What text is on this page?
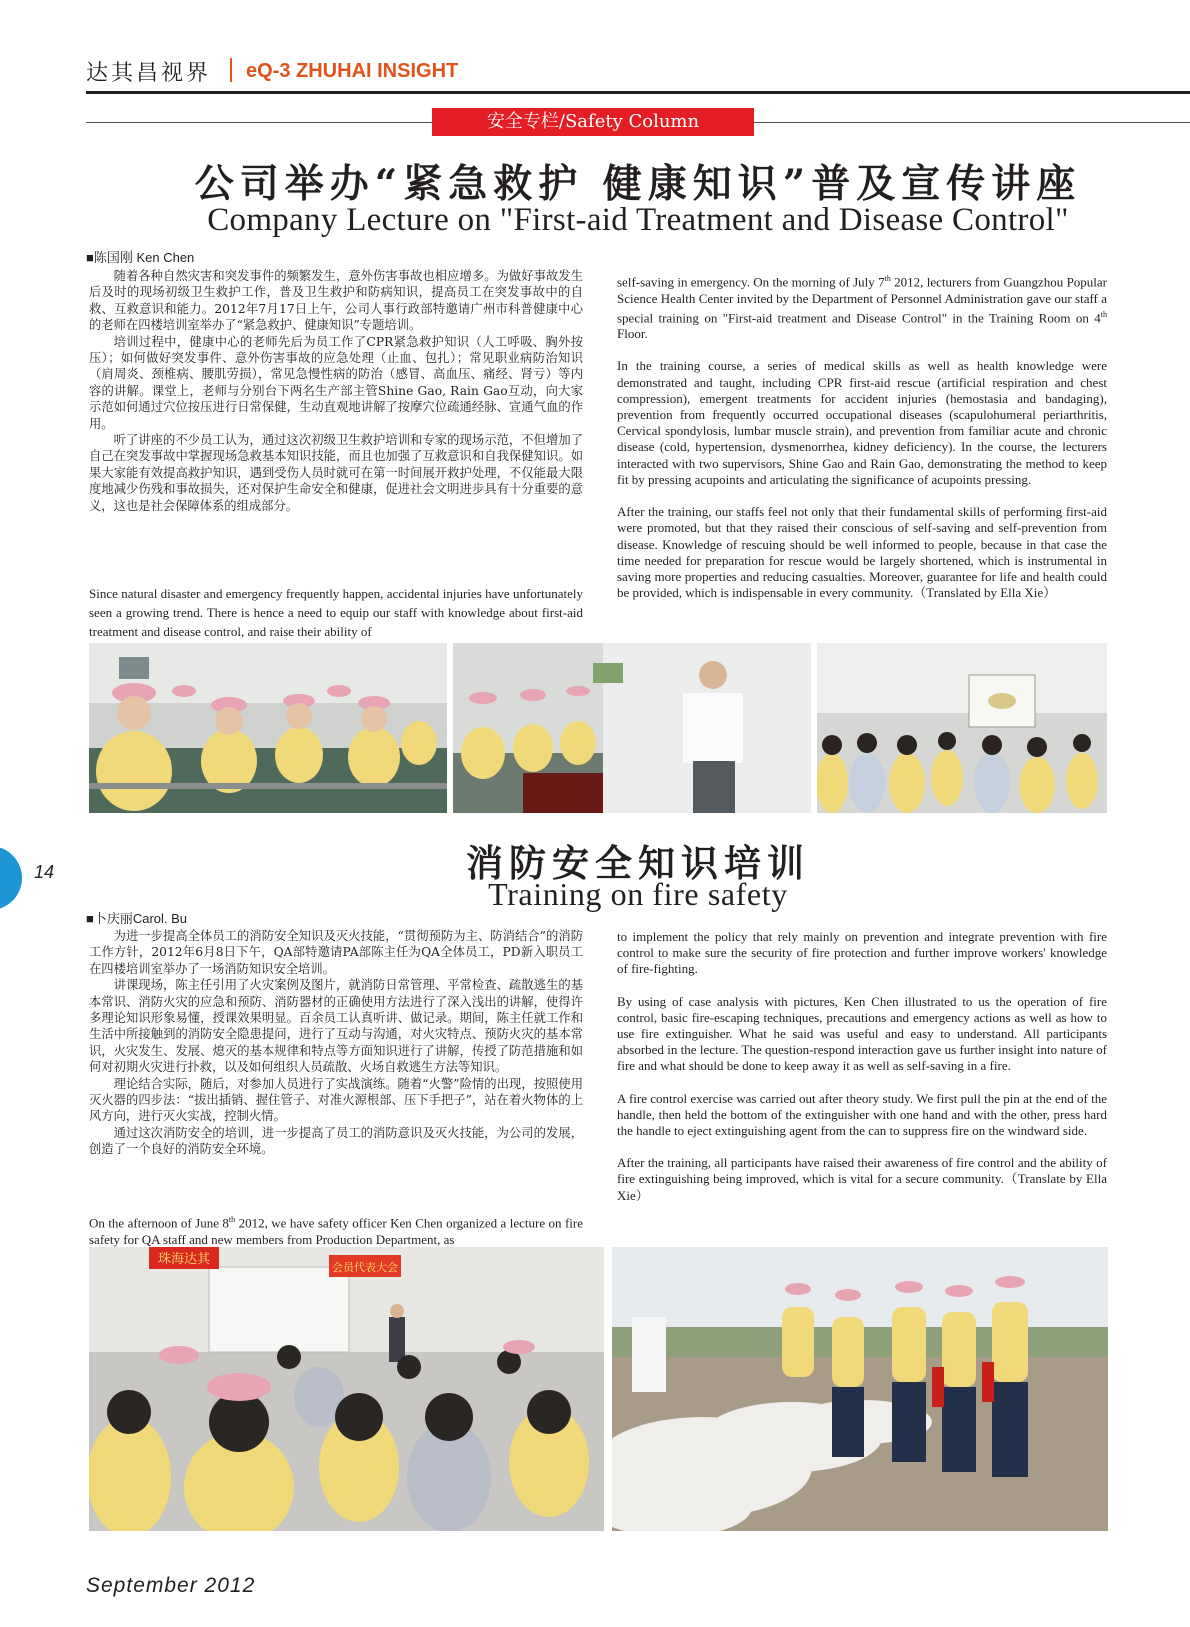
达其昌视界 eQ-3 ZHUHAI INSIGHT
安全专栏/Safety Column
公司举办“紧急救护 健康知识”普及宣传讲座
Company Lecture on "First-aid Treatment and Disease Control"
■陈国刚 Ken Chen

随着各种自然灾害和突发事件的频繁发生，意外伤害事故也相应增多。为做好事故发生后及时的现场初级卫生救护工作，普及卫生救护和防病知识，提高员工在突发事故中的自救、互救意识和能力。2012年7月17日上午，公司人事行政部特邀请广州市科普健康中心的老师在四楼培训室举办了“紧急救护、健康知识”专题培训。

培训过程中，健康中心的老师先后为员工作了CPR紧急救护知识（人工呼吸、胸外按压）；如何做好突发事件、意外伤害事故的应急处理（止血、包扎）；常见职业病防治知识（肩周炎、颈椎病、腰肌劳损），常见急慢性病的防治（感冒、高血压、痛经、肾亏）等内容的讲解。课堂上，老师与分别台下两名生产部主管Shine Gao, Rain Gao互动，向大家示范如何通过穴位按压进行日常保健，生动直观地讲解了按摩穴位疏通经脉、宣通气血的作用。

听了讲座的不少员工认为，通过这次初级卫生救护培训和专家的现场示范，不但增加了自己在突发事故中掌握现场急救基本知识技能，而且也加强了互救意识和自我保健知识。如果大家能有效提高救护知识，遇到受伤人员时就可在第一时间展开救护处理，不仅能最大限度地减少伤残和事故损失，还对保护生命安全和健康，促进社会文明进步具有十分重要的意义，这也是社会保障体系的组成部分。

Since natural disaster and emergency frequently happen, accidental injuries have unfortunately seen a growing trend. There is hence a need to equip our staff with knowledge about first-aid treatment and disease control, and raise their ability of

self-saving in emergency. On the morning of July 7th 2012, lecturers from Guangzhou Popular Science Health Center invited by the Department of Personnel Administration gave our staff a special training on "First-aid treatment and Disease Control" in the Training Room on 4th Floor.

In the training course, a series of medical skills as well as health knowledge were demonstrated and taught, including CPR first-aid rescue (artificial respiration and chest compression), emergent treatments for accident injuries (hemostasia and bandaging), prevention from frequently occurred occupational diseases (scapulohumeral periarthritis, Cervical spondylosis, lumbar muscle strain), and prevention from familiar acute and chronic disease (cold, hypertension, dysmenorrhea, kidney deficiency). In the course, the lecturers interacted with two supervisors, Shine Gao and Rain Gao, demonstrating the method to keep fit by pressing acupoints and articulating the significance of acupoints pressing.

After the training, our staffs feel not only that their fundamental skills of performing first-aid were promoted, but that they raised their conscious of self-saving and self-prevention from disease. Knowledge of rescuing should be well informed to people, because in that case the time needed for preparation for rescue would be largely shortened, which is instrumental in saving more properties and reducing casualties. Moreover, guarantee for life and health could be provided, which is indispensable in every community.（Translated by Ella Xie）

14	消防安全知识培训
Training on fire safety
■卜庆丽Carol. Bu

为进一步提高全体员工的消防安全知识及灭火技能，“贯彻预防为主、防消结合”的消防工作方针，2012年6月8日下午，QA部特邀请PA部陈主任为QA全体员工，PD新入职员工在四楼培训室举办了一场消防知识安全培训。

讲课现场，陈主任引用了火灾案例及图片，就消防日常管理、平常检查、疏散逃生的基本常识、消防火灾的应急和预防、消防器材的正确使用方法进行了深入浅出的讲解，使得许多理论知识形象易懂，授课效果明显。百余员工认真听讲、做记录。期间，陈主任就工作和生活中所接触到的消防安全隐患提问，进行了互动与沟通，对火灾特点、预防火灾的基本常识，火灾发生、发展、熄灭的基本规律和特点等方面知识进行了讲解，传授了防范措施和如何对初期火灾进行扑救，以及如何组织人员疏散、火场自救逃生方法等知识。

理论结合实际，随后，对参加人员进行了实战演练。随着“火警”险情的出现，按照使用灭火器的四步法：“拔出插销、握住管子、对准火源根部、压下手把子”，站在着火物体的上风方向，进行灭火实战，控制火情。

通过这次消防安全的培训，进一步提高了员工的消防意识及灭火技能，为公司的发展，创造了一个良好的消防安全环境。

On the afternoon of June 8th 2012, we have safety officer Ken Chen organized a lecture on fire safety for QA staff and new members from Production Department, as

to implement the policy that rely mainly on prevention and integrate prevention with fire control to make sure the security of fire protection and further improve workers' knowledge of fire-fighting.

By using of case analysis with pictures, Ken Chen illustrated to us the operation of fire control, basic fire-escaping techniques, precautions and emergency actions as well as how to use fire extinguisher. What he said was useful and easy to understand. All participants absorbed in the lecture. The question-respond interaction gave us further insight into nature of fire and what should be done to keep away it as well as self-saving in a fire.

A fire control exercise was carried out after theory study. We first pull the pin at the end of the handle, then held the bottom of the extinguisher with one hand and with the other, press hard the handle to eject extinguishing agent from the can to suppress fire on the windward side.

After the training, all participants have raised their awareness of fire control and the ability of fire extinguishing being improved, which is vital for a secure community.（Translate by Ella Xie）

珠海达其
会员代表大会
September 2012
